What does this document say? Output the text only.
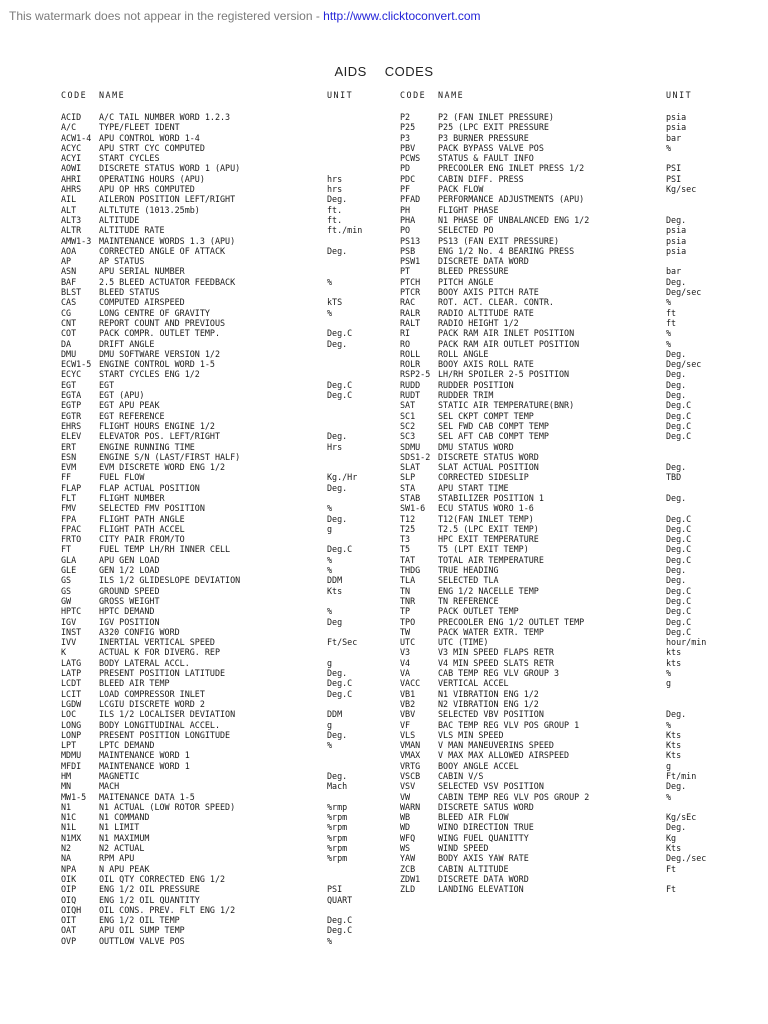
This watermark does not appear in the registered version - http://www.clicktoconvert.com
AIDS CODES
CODE NAME	UNIT
ACID A/C TAIL NUMBER WORD 1.2.3
A/C	TYPE/FLEET IDENT
ACW1-4 APU CONTROL WORD 1-4
ACYC APU STRT CYC COMPUTED
ACYI START CYCLES
AOWI DISCRETE STATUS WORD 1 (APU)
AHRI OPERATING HOURS (APU)	hrs
AHRS APU OP HRS COMPUTED	hrs
AIL	AILERON POSITION LEFT/RIGHT	Deg.
ALT	ALTLTUTE (1013.25mb)	ft.
ALT3 ALTITUDE	ft.
ALTR ALTITUDE RATE	ft./min
AMW1-3 MAINTENANCE WORDS 1.3 (APU)
AOA	CORRECTED ANGLE OF ATTACK	Deg.
AP	AP STATUS
ASN	APU SERIAL NUMBER
BAF	2.5 BLEED ACTUATOR FEEDBACK	%
BLST BLEED STATUS
CAS	COMPUTED AIRSPEED	kTS
CG	LONG CENTRE OF GRAVITY	%
CNT	REPORT COUNT AND PREVIOUS
COT	PACK COMPR. OUTLET TEMP.	Deg.C
DA	DRIFT ANGLE	Deg.
DMU	DMU SOFTWARE VERSION 1/2
ECW1-5 ENGINE CONTROL WORD 1-5
ECYC START CYCLES ENG 1/2
EGT	EGT	Deg.C
EGTA EGT (APU)	Deg.C
EGTP EGT APU PEAK
EGTR EGT REFERENCE
EHRS FLIGHT HOURS ENGINE 1/2
ELEV ELEVATOR POS. LEFT/RIGHT	Deg.
ERT	ENGINE RUNNING TIME	Hrs
ESN	ENGINE S/N (LAST/FIRST HALF)
EVM	EVM DISCRETE WORD ENG 1/2
FF	FUEL FLOW	Kg./Hr
FLAP FLAP ACTUAL POSITION	Deg.
FLT	FLIGHT NUMBER
FMV	SELECTED FMV POSITION	%
FPA	FLIGHT PATH ANGLE	Deg.
FPAC FLIGHT PATH ACCEL	g
FRTO CITY PAIR FROM/TO
FT	FUEL TEMP LH/RH INNER CELL	Deg.C
GLA	APU GEN LOAD	%
GLE	GEN 1/2 LOAD	%
GS	ILS 1/2 GLIDESLOPE DEVIATION	DDM
GS	GROUND SPEED	Kts
GW	GROSS WEIGHT
HPTC HPTC DEMAND	%
IGV	IGV POSITION	Deg
INST A320 CONFIG WORD
IVV	INERTIAL VERTICAL SPEED	Ft/Sec
K	ACTUAL K FOR DIVERG. REP
LATG BODY LATERAL ACCL.	g
LATP PRESENT POSITION LATITUDE	Deg.
LCDT BLEED AIR TEMP	Deg.C
LCIT LOAD COMPRESSOR INLET	Deg.C
LGDW LCGIU DISCRETE WORD 2
LOC	ILS 1/2 LOCALISER DEVIATION	DDM
LONG BODY LONGITUDINAL ACCEL.	g
LONP PRESENT POSITION LONGITUDE	Deg.
LPT	LPTC DEMAND	%
MDMU MAINTENANCE WORD 1
MFDI MAINTENANCE WORD 1
HM	MAGNETIC	Deg.
MN	MACH	Mach
MW1-5 MAITENANCE DATA 1-5
N1	N1 ACTUAL (LOW ROTOR SPEED)	%rmp
N1C	N1 COMMAND	%rpm
N1L	N1 LIMIT	%rpm
N1MX N1 MAXIMUM	%rpm
N2	N2 ACTUAL	%rpm
NA	RPM APU	%rpm
NPA	N APU PEAK
OIK	OIL QTY CORRECTED ENG 1/2
OIP	ENG 1/2 OIL PRESSURE	PSI
OIQ	ENG 1/2 OIL QUANTITY	QUART
OIQH OIL CONS. PREV. FLT ENG 1/2
OIT	ENG 1/2 OIL TEMP	Deg.C
OAT	APU OIL SUMP TEMP	Deg.C
OVP	OUTTLOW VALVE POS	%
CODE NAME	UNIT
P2	P2 (FAN INLET PRESSURE)	psia
P25	P25 (LPC EXIT PRESSURE	psia
P3	P3 BURNER PRESSURE	bar
PBV	PACK BYPASS VALVE POS	%
PCWS STATUS & FAULT INFO
PD	PRECOOLER ENG INLET PRESS 1/2	PSI
PDC	CABIN DIFF. PRESS	PSI
PF	PACK FLOW	Kg/sec
PFAD PERFORMANCE ADJUSTMENTS (APU)
PH	FLIGHT PHASE
PHA	N1 PHASE OF UNBALANCED ENG 1/2	Deg.
PO	SELECTED PO	psia
PS13 PS13 (FAN EXIT PRESSURE)	psia
PSB	ENG 1/2 No. 4 BEARING PRESS	psia
PSW1 DISCRETE DATA WORD
PT	BLEED PRESSURE	bar
PTCH PITCH ANGLE	Deg.
PTCR BOOY AXIS PITCH RATE	Deg/sec
RAC	ROT. ACT. CLEAR. CONTR.	%
RALR RADIO ALTITUDE RATE	ft
RALT RADIO HEIGHT 1/2	ft
RI	PACK RAM AIR INLET POSITION	%
RO	PACK RAM AIR OUTLET POSITION	%
ROLL ROLL ANGLE	Deg.
ROLR BOOY AXIS ROLL RATE	Deg/sec
RSP2-5 LH/RH SPOILER 2-5 POSITION	Deg.
RUDD RUDDER POSITION	Deg.
RUDT RUDDER TRIM	Deg.
SAT	STATIC AIR TEMPERATURE(BNR)	Deg.C
SC1	SEL CKPT COMPT TEMP	Deg.C
SC2	SEL FWD CAB COMPT TEMP	Deg.C
SC3	SEL AFT CAB COMPT TEMP	Deg.C
SDMU DMU STATUS WORD
SDS1-2 DISCRETE STATUS WORD
SLAT SLAT ACTUAL POSITION	Deg.
SLP	CORRECTED SIDESLIP	TBD
STA	APU START TIME
STAB STABILIZER POSITION 1	Deg.
SW1-6 ECU STATUS WORO 1-6
T12	T12(FAN INLET TEMP)	Deg.C
T25	T2.5 (LPC EXIT TEMP)	Deg.C
T3	HPC EXIT TEMPERATURE	Deg.C
T5	T5 (LPT EXIT TEMP)	Deg.C
TAT	TOTAL AIR TEMPERATURE	Deg.C
THDG TRUE HEADING	Deg.
TLA	SELECTED TLA	Deg.
TN	ENG 1/2 NACELLE TEMP	Deg.C
TNR	TN REFERENCE	Deg.C
TP	PACK OUTLET TEMP	Deg.C
TPO	PRECOOLER ENG 1/2 OUTLET TEMP	Deg.C
TW	PACK WATER EXTR. TEMP	Deg.C
UTC	UTC (TIME)	hour/min
V3	V3 MIN SPEED FLAPS RETR	kts
V4	V4 MIN SPEED SLATS RETR	kts
VA	CAB TEMP REG VLV GROUP 3	%
VACC VERTICAL ACCEL	g
VB1	N1 VIBRATION ENG 1/2
VB2	N2 VIBRATION ENG 1/2
VBV	SELECTED VBV POSITION	Deg.
VF	BAC TEMP REG VLV POS GROUP 1	%
VLS	VLS MIN SPEED	Kts
VMAN V MAN MANEUVERINS SPEED	Kts
VMAX V MAX MAX ALLOWED AIRSPEED	Kts
VRTG BOOY ANGLE ACCEL	g
VSCB CABIN V/S	Ft/min
VSV	SELECTED VSV POSITION	Deg.
VW	CABIN TEMP REG VLV POS GROUP 2	%
WARN DISCRETE SATUS WORD
WB	BLEED AIR FLOW	Kg/sEc
WD	WINO DIRECTION TRUE	Deg.
WFQ	WING FUEL QUANITTY	Kg
WS	WIND SPEED	Kts
YAW	BODY AXIS YAW RATE	Deg./sec
ZCB	CABIN ALTITUDE	Ft
ZDW1 DISCRETE DATA WORD
ZLD	LANDING ELEVATION	Ft
